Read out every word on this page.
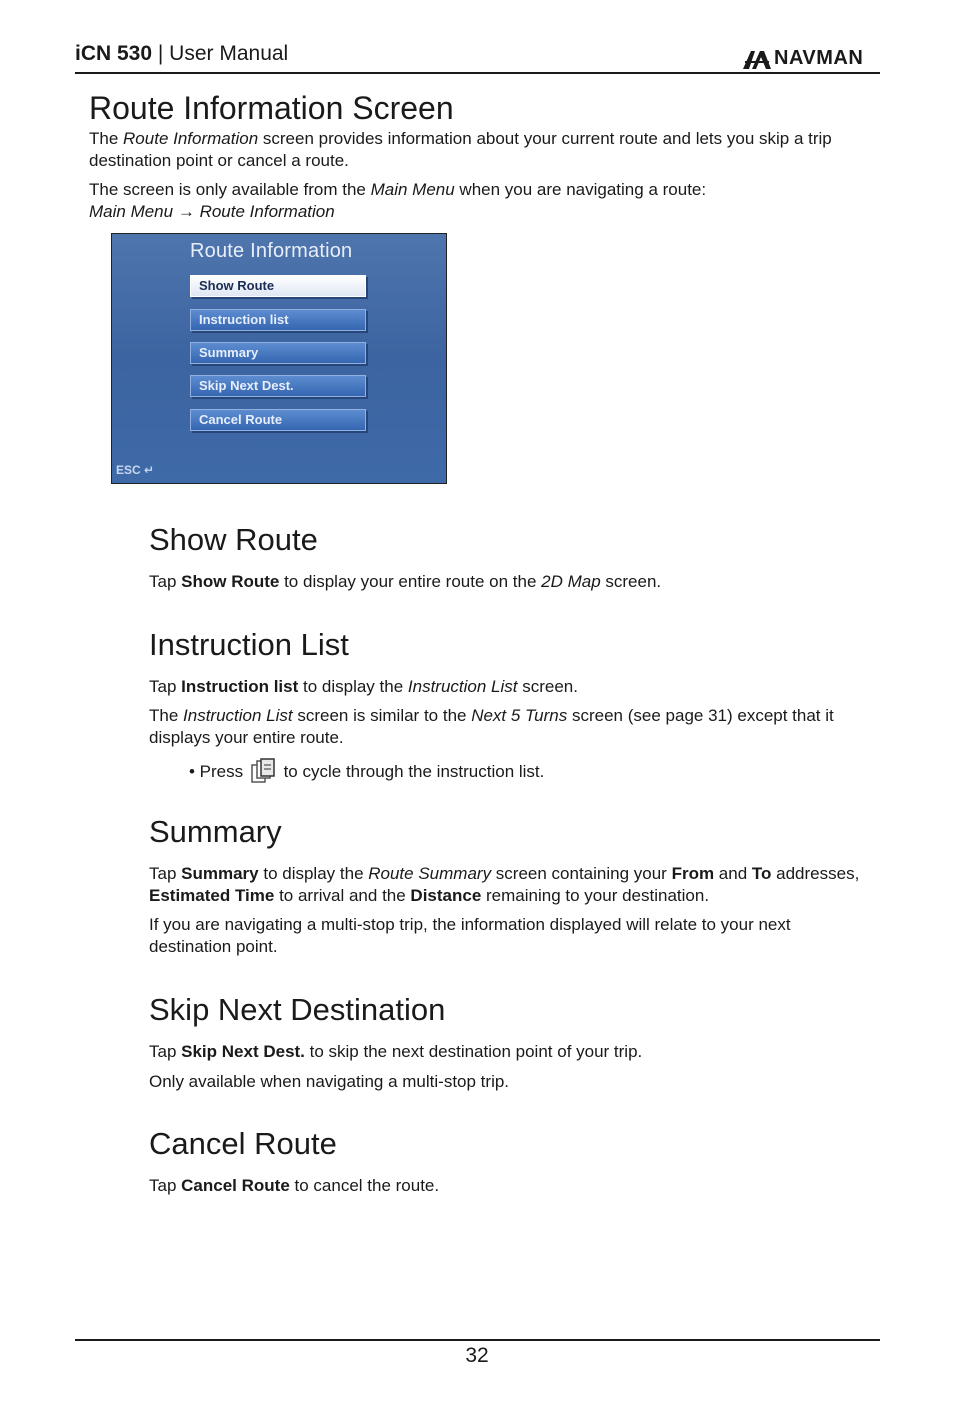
iCN 530 | User Manual	NAVMAN
Route Information Screen
The Route Information screen provides information about your current route and lets you skip a trip
destination point or cancel a route.
The screen is only available from the Main Menu when you are navigating a route:
Main Menu → Route Information
Route Information
Show Route
Instruction list
Summary
Skip Next Dest.
Cancel Route
ESC ↵
Show Route
Tap Show Route to display your entire route on the 2D Map screen.
Instruction List
Tap Instruction list to display the Instruction List screen.
The Instruction List screen is similar to the Next 5 Turns screen (see page 31) except that it
displays your entire route.
• Press  to cycle through the instruction list.
Summary
Tap Summary to display the Route Summary screen containing your From and To addresses,
Estimated Time to arrival and the Distance remaining to your destination.
If you are navigating a multi-stop trip, the information displayed will relate to your next
destination point.
Skip Next Destination
Tap Skip Next Dest. to skip the next destination point of your trip.
Only available when navigating a multi-stop trip.
Cancel Route
Tap Cancel Route to cancel the route.
32
